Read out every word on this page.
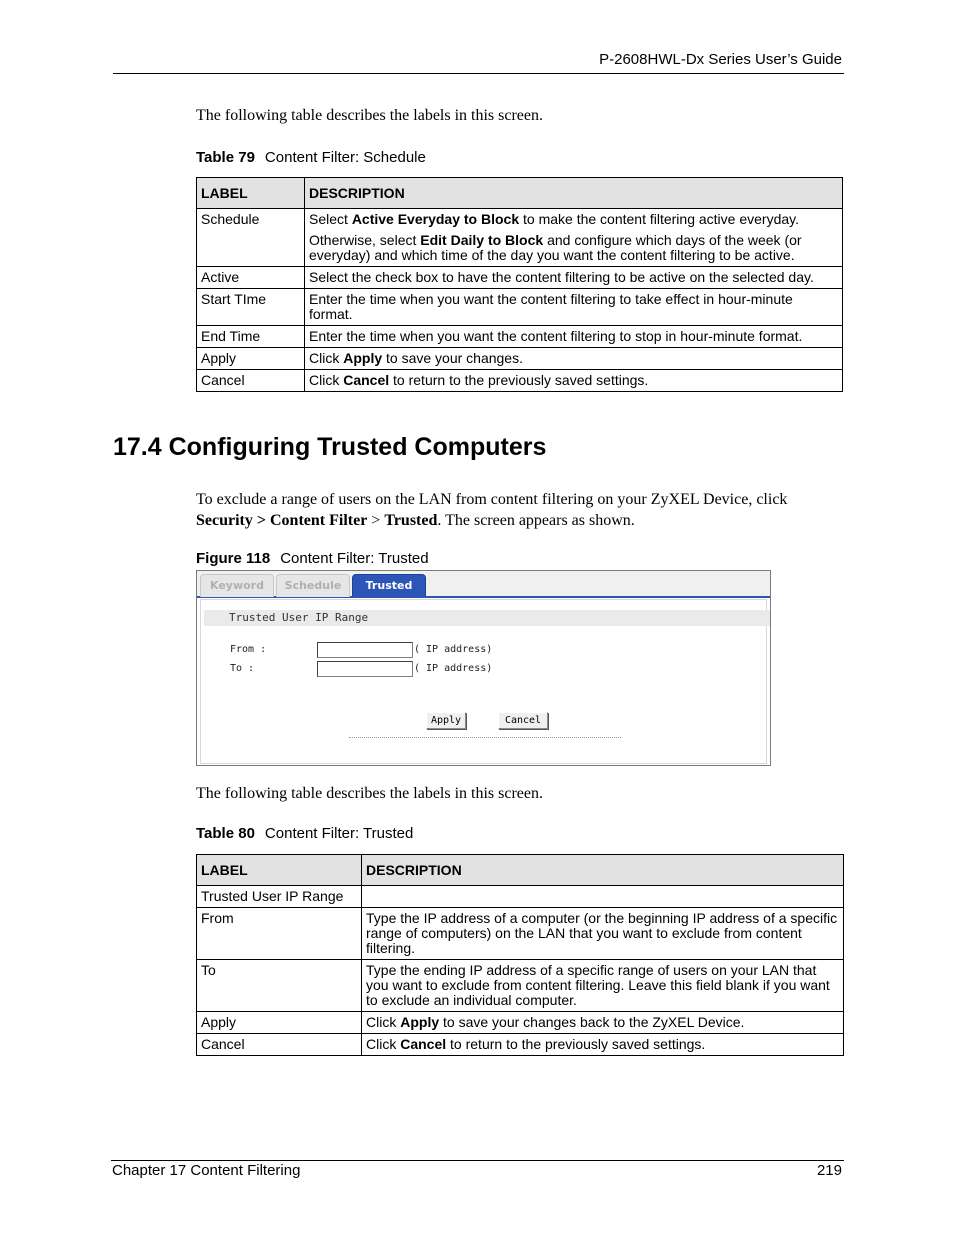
P-2608HWL-Dx Series User’s Guide
The following table describes the labels in this screen.
Table 79 Content Filter: Schedule
LABEL	DESCRIPTION
Schedule	Select Active Everyday to Block to make the content filtering active everyday.

Otherwise, select Edit Daily to Block and configure which days of the week (or everyday) and which time of the day you want the content filtering to be active.

Active	Select the check box to have the content filtering to be active on the selected day.
Start TIme	Enter the time when you want the content filtering to take effect in hour-minute format.
End Time	Enter the time when you want the content filtering to stop in hour-minute format.
Apply	Click Apply to save your changes.
Cancel	Click Cancel to return to the previously saved settings.
17.4 Configuring Trusted Computers
To exclude a range of users on the LAN from content filtering on your ZyXEL Device, click
Security > Content Filter > Trusted. The screen appears as shown.
Figure 118 Content Filter: Trusted
Keyword	Schedule	Trusted
Trusted User IP Range
From :	( IP address)
To :	( IP address)
Apply	Cancel
The following table describes the labels in this screen.
Table 80 Content Filter: Trusted
LABEL	DESCRIPTION
Trusted User IP Range	
From	Type the IP address of a computer (or the beginning IP address of a specific range of computers) on the LAN that you want to exclude from content filtering.
To	Type the ending IP address of a specific range of users on your LAN that you want to exclude from content filtering. Leave this field blank if you want to exclude an individual computer.
Apply	Click Apply to save your changes back to the ZyXEL Device.
Cancel	Click Cancel to return to the previously saved settings.
Chapter 17 Content Filtering	219
